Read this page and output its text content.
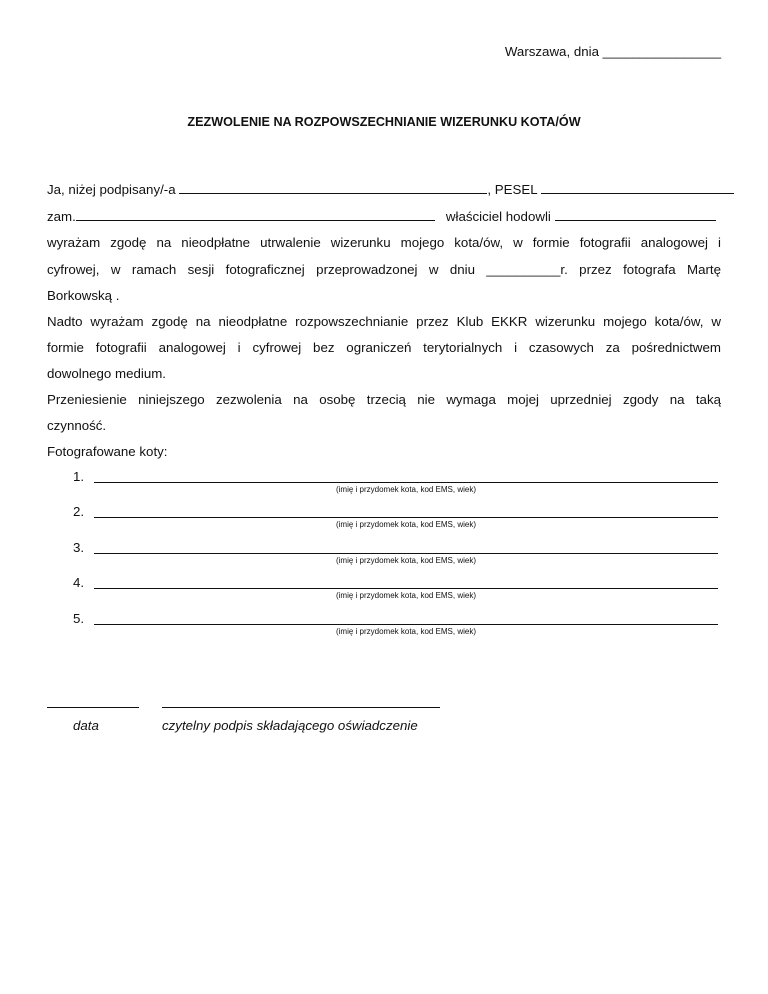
Warszawa, dnia ________________
ZEZWOLENIE NA ROZPOWSZECHNIANIE WIZERUNKU KOTA/ÓW
Ja, niżej podpisany/-a	, PESEL
zam.	właściciel hodowli
wyrażam zgodę na nieodpłatne utrwalenie wizerunku mojego kota/ów, w formie fotografii analogowej i
cyfrowej, w ramach sesji fotograficznej przeprowadzonej w dniu __________r. przez fotografa Martę
Borkowską .
Nadto wyrażam zgodę na nieodpłatne rozpowszechnianie przez Klub EKKR wizerunku mojego kota/ów, w
formie fotografii analogowej i cyfrowej bez ograniczeń terytorialnych i czasowych za pośrednictwem
dowolnego medium.
Przeniesienie niniejszego zezwolenia na osobę trzecią nie wymaga mojej uprzedniej zgody na taką
czynność.
Fotografowane koty:
1.
(imię i przydomek kota, kod EMS, wiek)
2.
(imię i przydomek kota, kod EMS, wiek)
3.
(imię i przydomek kota, kod EMS, wiek)
4.
(imię i przydomek kota, kod EMS, wiek)
5.
(imię i przydomek kota, kod EMS, wiek)
data	czytelny podpis składającego oświadczenie
